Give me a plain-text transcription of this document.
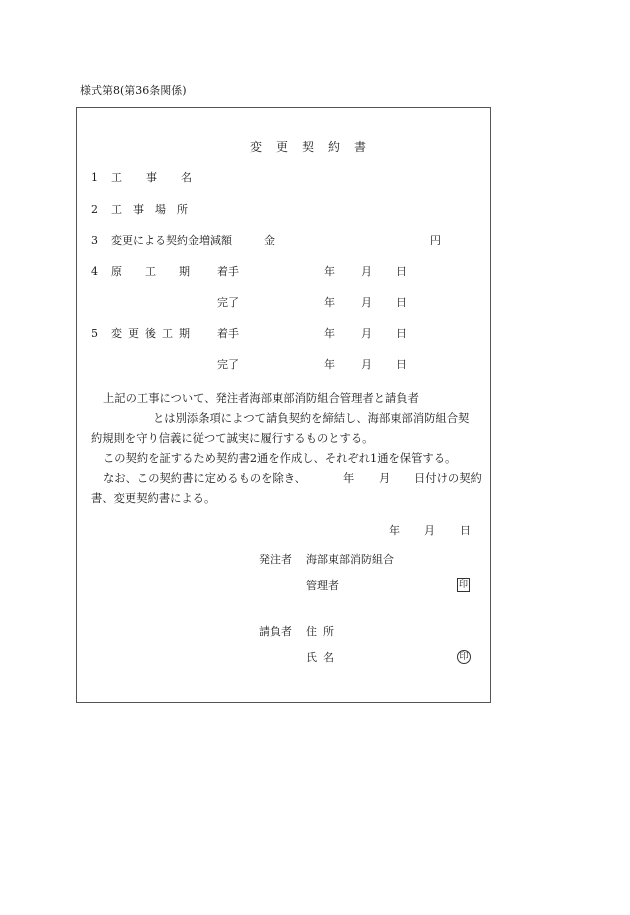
様式第8(第36条関係)
変更契約書
1 工事名
2 工事場所
3 変更による契約金増減額	金	円
4 原工期 着手	年 月 日
完了	年 月 日
5 変更後工期 着手	年 月 日
完了	年 月 日
上記の工事について、発注者海部東部消防組合管理者と請負者
とは別添条項によつて請負契約を締結し、海部東部消防組合契
約規則を守り信義に従つて誠実に履行するものとする。
この契約を証するため契約書2通を作成し、それぞれ1通を保管する。
なお、この契約書に定めるものを除き、	年 月 日付けの契約
書、変更契約書による。
年 月 日
発注者 海部東部消防組合
管理者	印
請負者 住所
氏名	印
